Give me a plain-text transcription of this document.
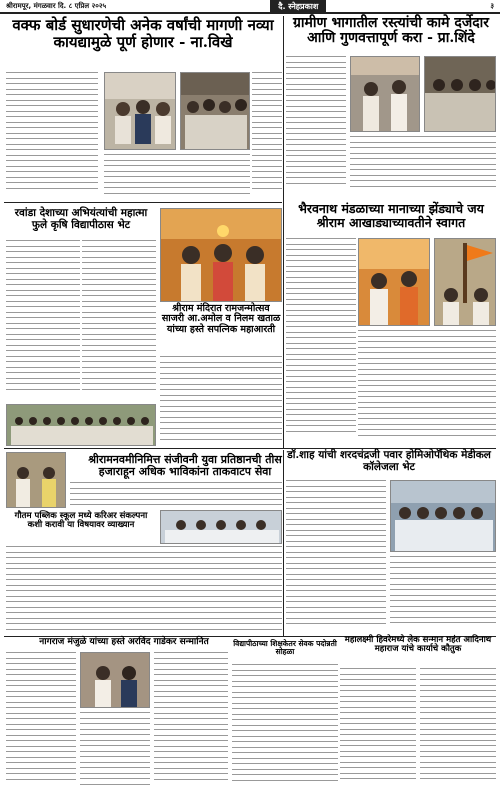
श्रीरामपूर, मंगळवार दि. ८ एप्रिल २०२५	दै. स्नेहप्रकाश	३
वक्फ बोर्ड सुधारणेची अनेक वर्षांची मागणी नव्या कायद्यामुळे पूर्ण होणार - ना.विखे
ग्रामीण भागातील रस्त्यांची कामे दर्जेदार आणि गुणवत्तापूर्ण करा - प्रा.शिंदे
रवांडा देशाच्या अभियंत्यांची महात्मा फुले कृषि विद्यापीठास भेट
श्रीराम मंदिरात रामजन्मोत्सव साजरी आ.अमोल व निलम खताळ यांच्या हस्ते सपत्निक महाआरती
भैरवनाथ मंडळाच्या मानाच्या झेंड्याचे जय श्रीराम आखाड्याच्यावतीने स्वागत
श्रीरामनवमीनिमित्त संजीवनी युवा प्रतिष्ठानची तीस हजाराहून अधिक भाविकांना ताकवाटप सेवा
गौतम पब्लिक स्कूल मध्ये करिअर संकल्पना कशी करावी या विषयावर व्याख्यान
डॉ.शाह यांची शरदचंद्रजी पवार होमिओपॅथिक मेडीकल कॉलेजला भेट
नागराज मंजुळे यांच्या हस्ते अरविंद गाडेकर सन्मानित	विद्यापीठाच्या शिक्षकेतर सेवक पदोन्नती सोहळा
महालक्ष्मी हिवरेमध्ये लेक सन्मान महंत आदिनाथ महाराज यांचे कार्याचे कौतुक
